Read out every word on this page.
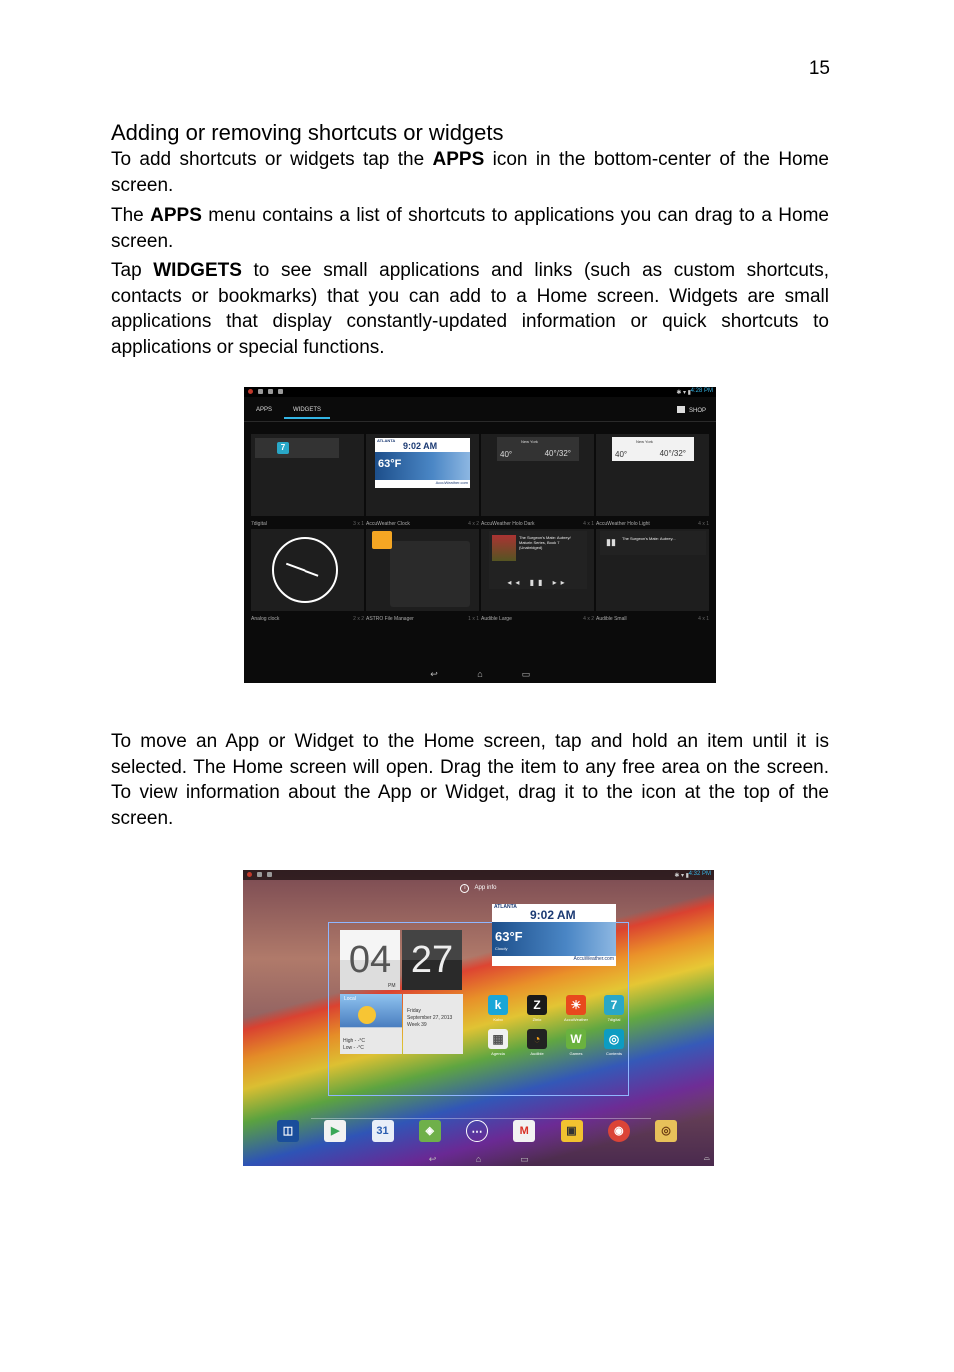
15
Adding or removing shortcuts or widgets

To add shortcuts or widgets tap the APPS icon in the bottom-center of the Home screen.

The APPS menu contains a list of shortcuts to applications you can drag to a Home screen.

Tap WIDGETS to see small applications and links (such as custom shortcuts, contacts or bookmarks) that you can add to a Home screen. Widgets are small applications that display constantly-updated information or quick shortcuts to applications or special functions.

✱ ▾ ▮ 4:28 PM
APPS	WIDGETS	SHOP
7
7digital	3 x 1
ATLANTA
9:02 AM
63°F
AccuWeather.com
AccuWeather Clock	4 x 2
New York
40°	40°/32°
AccuWeather Holo Dark	4 x 1
New York
40°	40°/32°
AccuWeather Holo Light	4 x 1
Analog clock	2 x 2 ASTRO File Manager	1 x 1
The Surgeon's Mate: Aubrey/ Maturin Series, Book 7 (Unabridged)
◂◂ ▮▮ ▸▸
Audible Large	4 x 2
▮▮ The Surgeon's Mate: Aubrey...
Audible Small	4 x 1
↩	⌂	▭

To move an App or Widget to the Home screen, tap and hold an item until it is selected. The Home screen will open. Drag the item to any free area on the screen. To view information about the App or Widget, drag it to the icon at the top of the screen.

✱ ▾ ▮ 4:32 PM
i App info
ATLANTA
9:02 AM
63°F
Cloudy
AccuWeather.com
04 27
PM
Local
High - -°C
Low - -°C
Friday
September 27, 2013
Week 39
k
Kobo
Z
Zinio
☀
AccuWeather
7
7digital
▦
Agenda
◔
Audible
W
Games
◎
Contents
◫	▶	31	◈	⋯	M	▣	◉	◎
↩	⌂	▭	⌓
